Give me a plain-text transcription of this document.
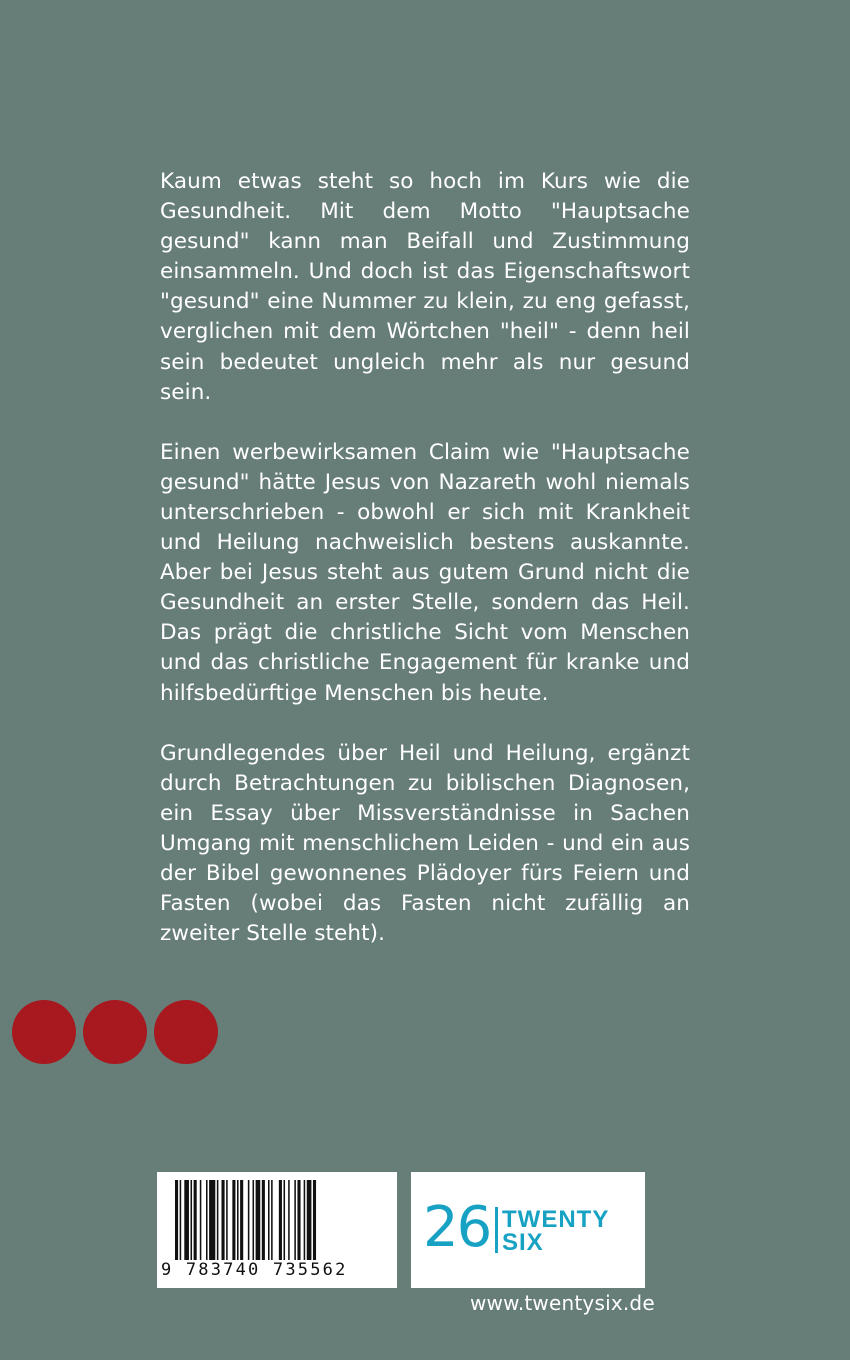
Kaum etwas steht so hoch im Kurs wie die Gesundheit. Mit dem Motto "Hauptsache gesund" kann man Beifall und Zustimmung einsammeln. Und doch ist das Eigenschaftswort "gesund" eine Nummer zu klein, zu eng gefasst, verglichen mit dem Wörtchen "heil" - denn heil sein bedeutet ungleich mehr als nur gesund sein.

Einen werbewirksamen Claim wie "Hauptsache gesund" hätte Jesus von Nazareth wohl niemals unterschrieben - obwohl er sich mit Krankheit und Heilung nachweislich bestens auskannte. Aber bei Jesus steht aus gutem Grund nicht die Gesundheit an erster Stelle, sondern das Heil. Das prägt die christliche Sicht vom Menschen und das christliche Engagement für kranke und hilfsbedürftige Menschen bis heute.

Grundlegendes über Heil und Heilung, ergänzt durch Betrachtungen zu biblischen Diagnosen, ein Essay über Missverständnisse in Sachen Umgang mit menschlichem Leiden - und ein aus der Bibel gewonnenes Plädoyer fürs Feiern und Fasten (wobei das Fasten nicht zufällig an zweiter Stelle steht).

9 783740 735562
26 TWENTY
SIX
www.twentysix.de
